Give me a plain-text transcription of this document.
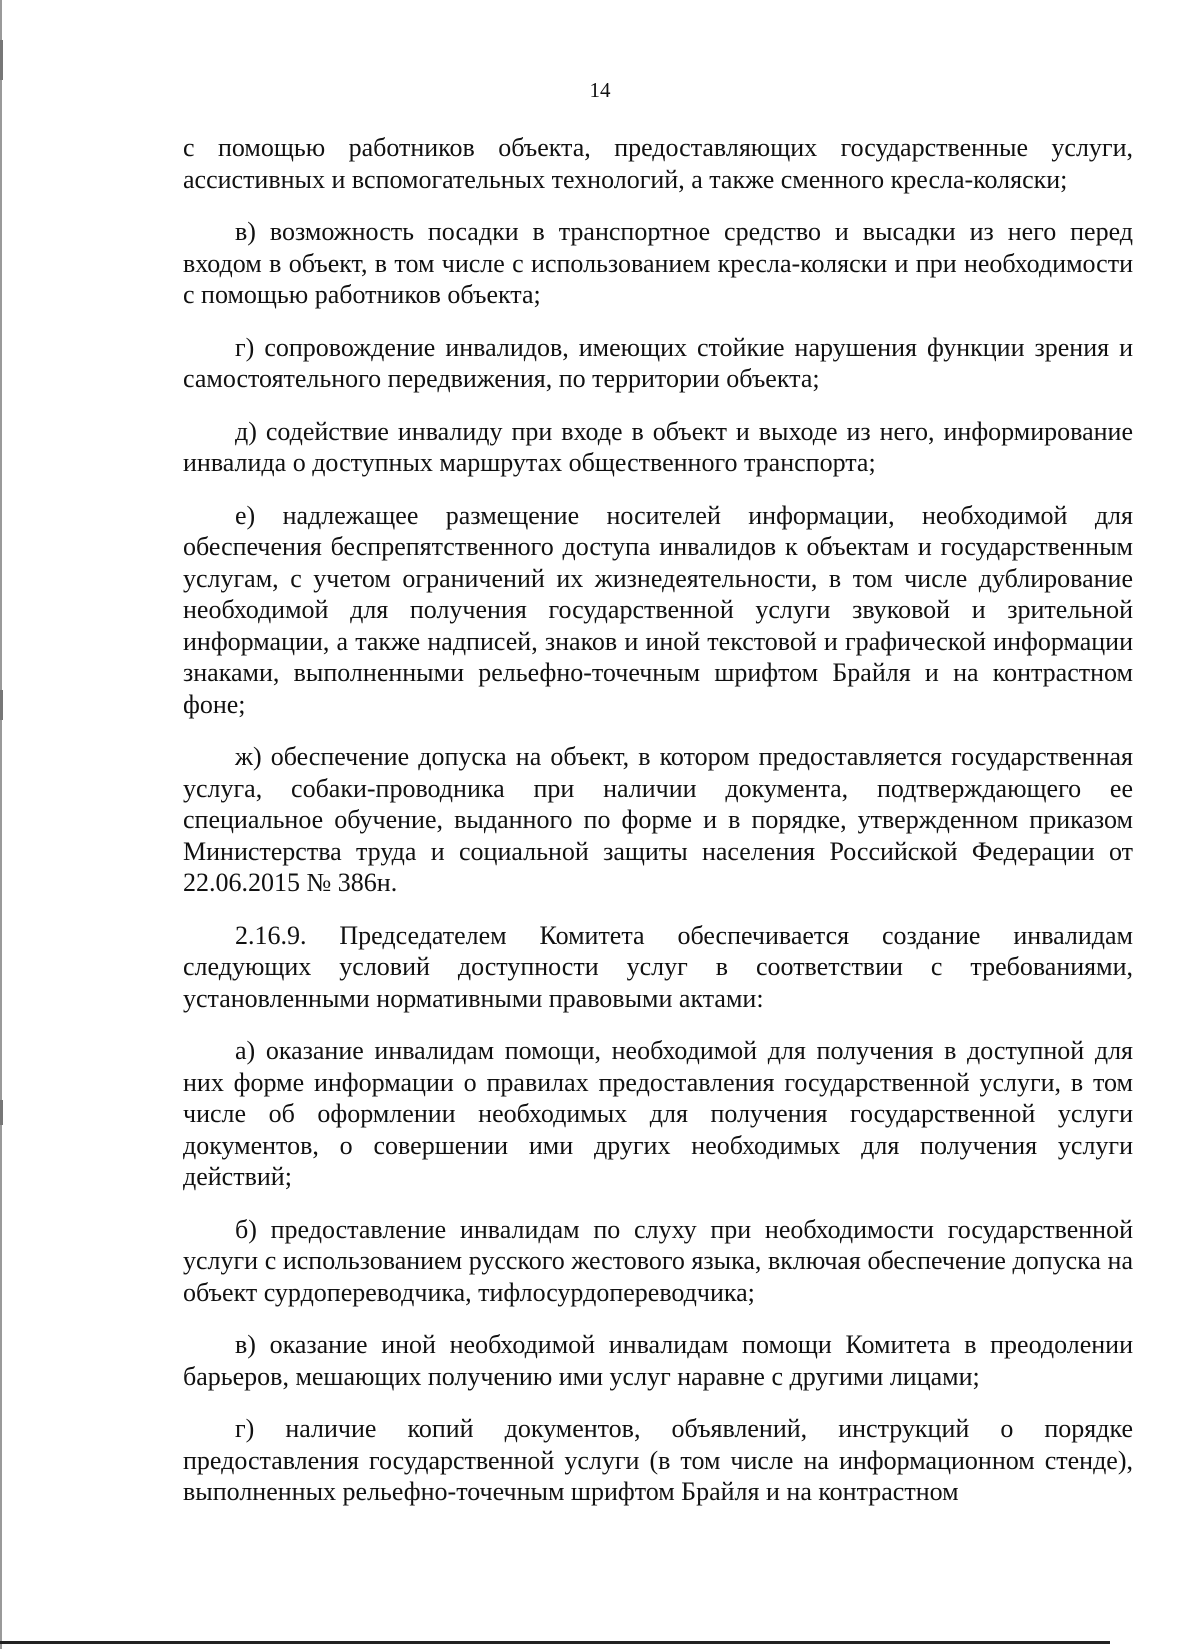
14

с помощью работников объекта, предоставляющих государственные услуги, ассистивных и вспомогательных технологий, а также сменного кресла-коляски;

в) возможность посадки в транспортное средство и высадки из него перед входом в объект, в том числе с использованием кресла-коляски и при необходимости с помощью работников объекта;

г) сопровождение инвалидов, имеющих стойкие нарушения функции зрения и самостоятельного передвижения, по территории объекта;

д) содействие инвалиду при входе в объект и выходе из него, информирование инвалида о доступных маршрутах общественного транспорта;

е) надлежащее размещение носителей информации, необходимой для обеспечения беспрепятственного доступа инвалидов к объектам и государственным услугам, с учетом ограничений их жизнедеятельности, в том числе дублирование необходимой для получения государственной услуги звуковой и зрительной информации, а также надписей, знаков и иной текстовой и графической информации знаками, выполненными рельефно-точечным шрифтом Брайля и на контрастном фоне;

ж) обеспечение допуска на объект, в котором предоставляется государственная услуга, собаки-проводника при наличии документа, подтверждающего ее специальное обучение, выданного по форме и в порядке, утвержденном приказом Министерства труда и социальной защиты населения Российской Федерации от 22.06.2015 № 386н.

2.16.9. Председателем Комитета обеспечивается создание инвалидам следующих условий доступности услуг в соответствии с требованиями, установленными нормативными правовыми актами:

а) оказание инвалидам помощи, необходимой для получения в доступной для них форме информации о правилах предоставления государственной услуги, в том числе об оформлении необходимых для получения государственной услуги документов, о совершении ими других необходимых для получения услуги действий;

б) предоставление инвалидам по слуху при необходимости государственной услуги с использованием русского жестового языка, включая обеспечение допуска на объект сурдопереводчика, тифлосурдопереводчика;

в) оказание иной необходимой инвалидам помощи Комитета в преодолении барьеров, мешающих получению ими услуг наравне с другими лицами;

г) наличие копий документов, объявлений, инструкций о порядке предоставления государственной услуги (в том числе на информационном стенде), выполненных рельефно-точечным шрифтом Брайля и на контрастном
